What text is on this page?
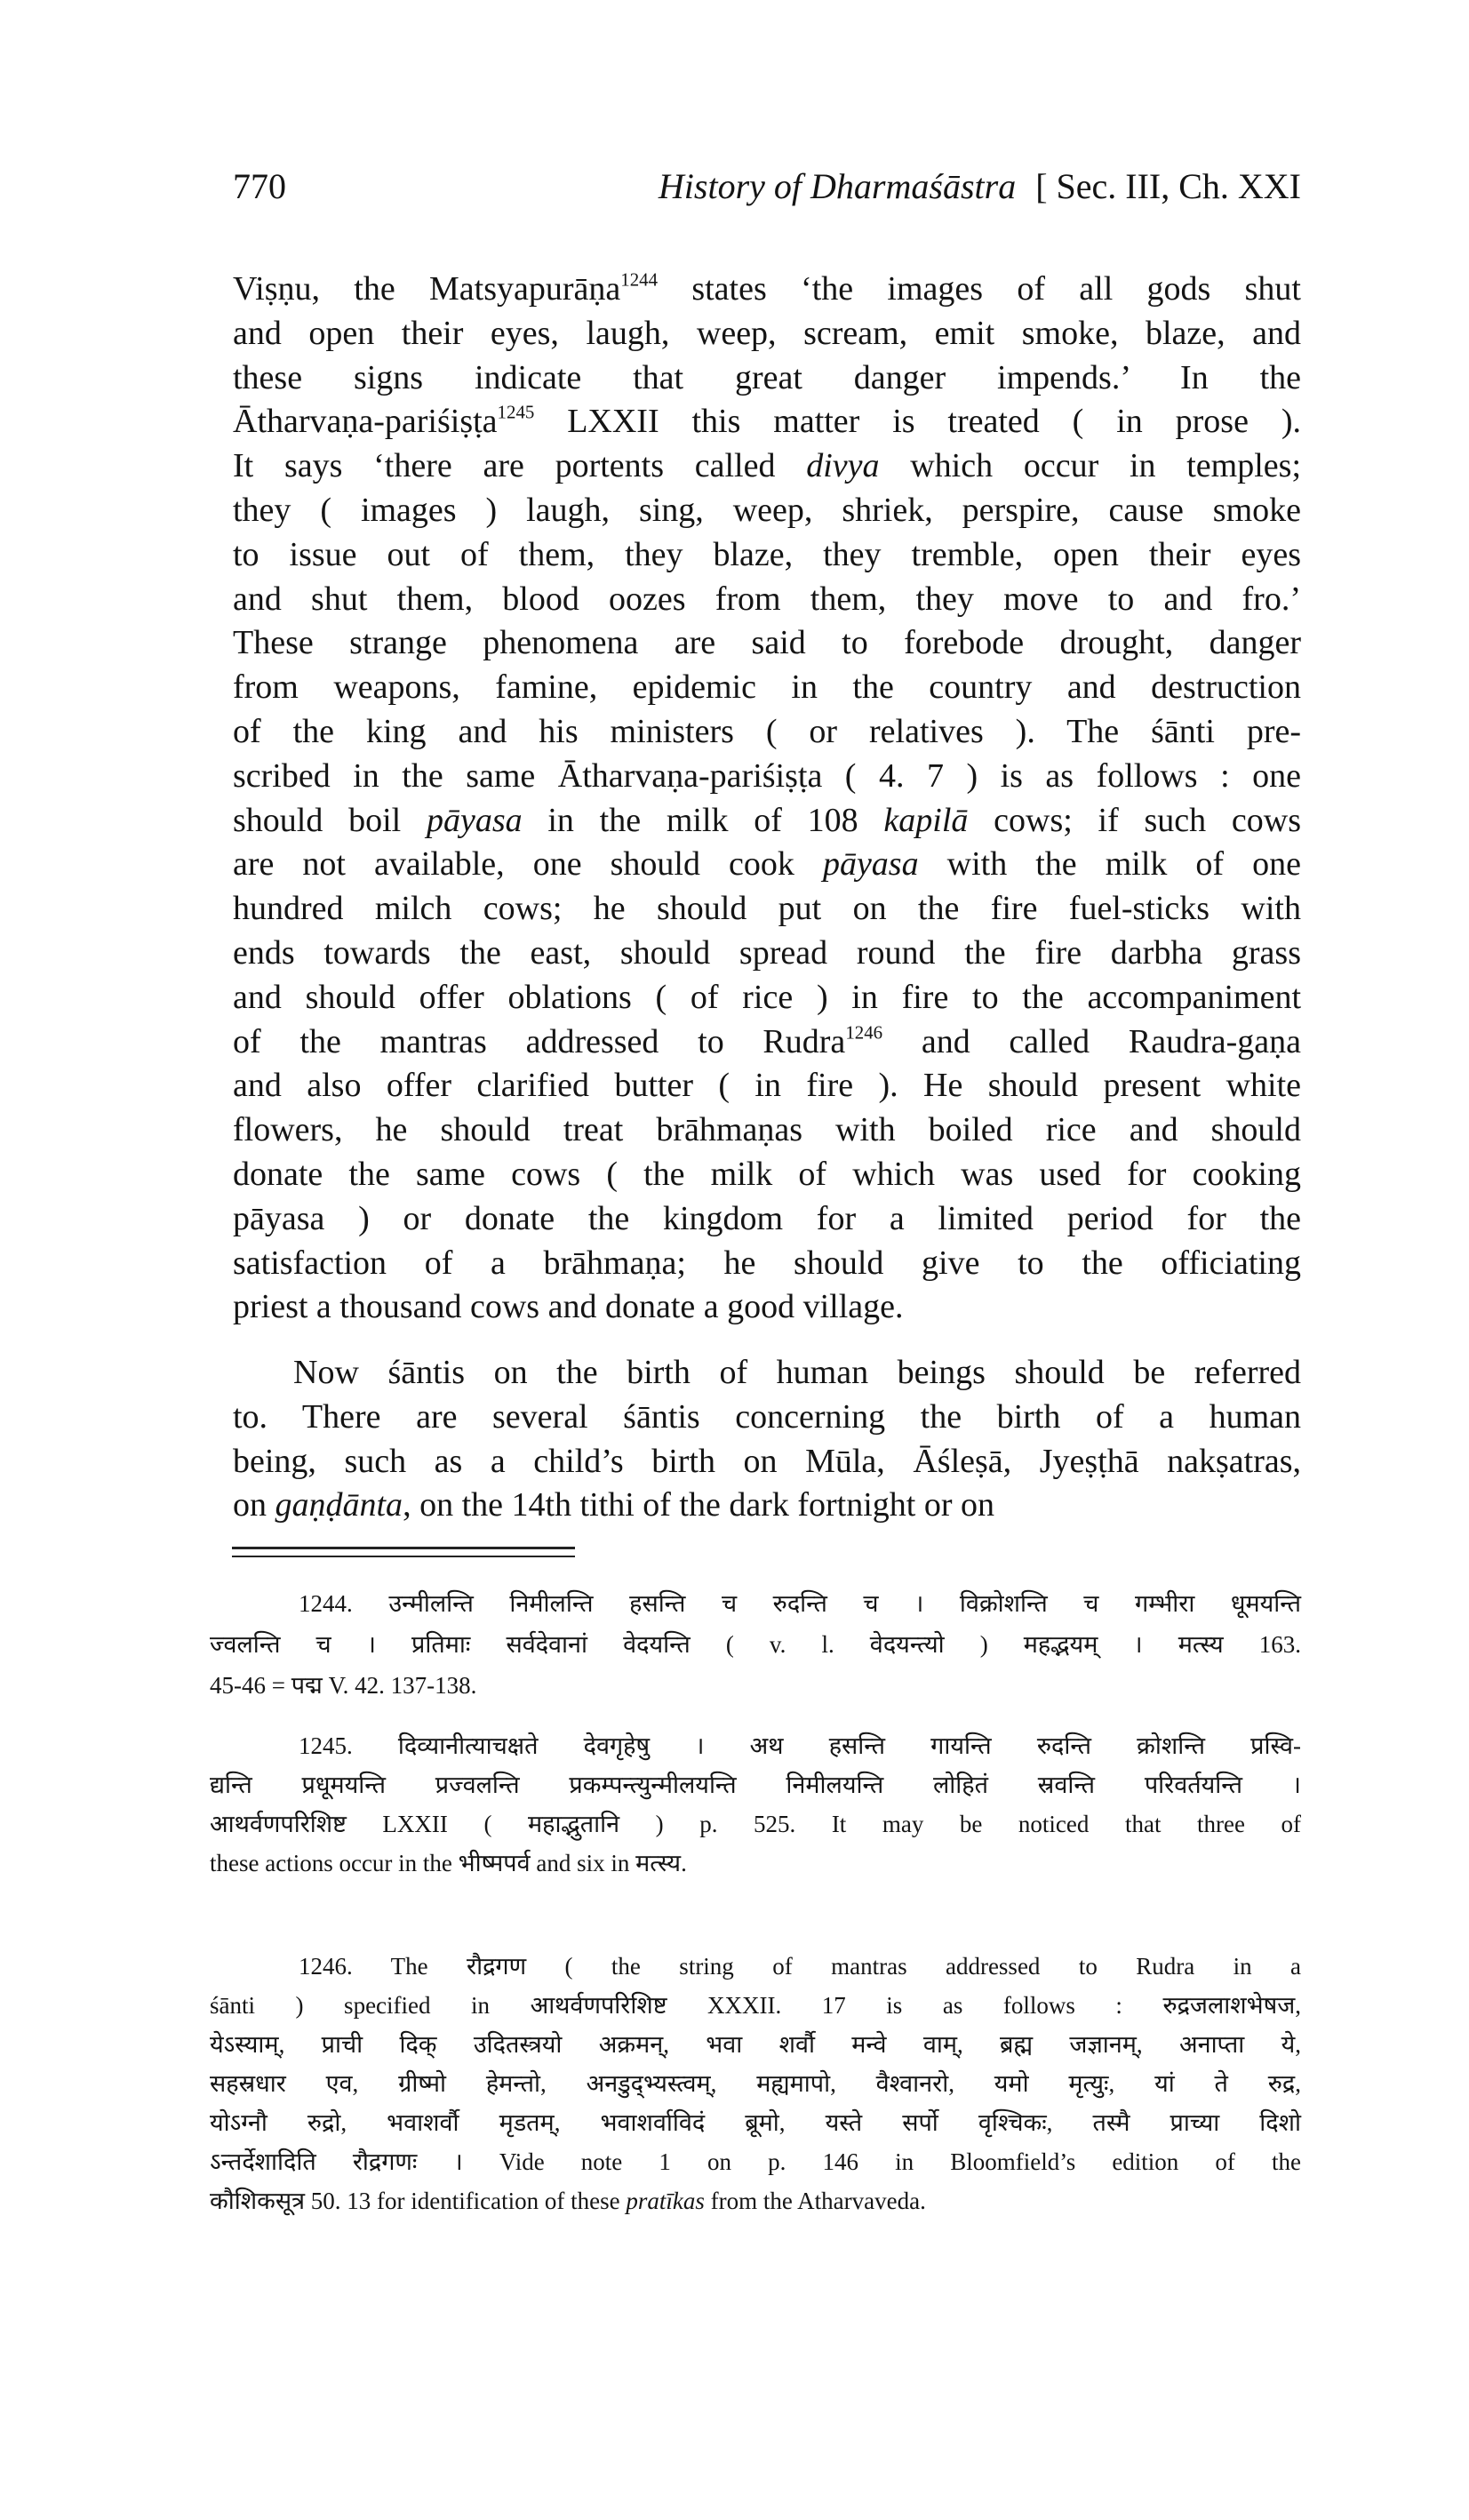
770	History of Dharmaśāstra [ Sec. III, Ch. XXI
Viṣṇu, the Matsyapurāṇa$^{1244}$ states ‘the images of all gods shut
and open their eyes, laugh, weep, scream, emit smoke, blaze, and
these signs indicate that great danger impends.’ In the
Ātharvaṇa-pariśiṣṭa$^{1245}$ LXXII this matter is treated ( in prose ).
It says ‘there are portents called divya which occur in temples;
they ( images ) laugh, sing, weep, shriek, perspire, cause smoke
to issue out of them, they blaze, they tremble, open their eyes
and shut them, blood oozes from them, they move to and fro.’
These strange phenomena are said to forebode drought, danger
from weapons, famine, epidemic in the country and destruction
of the king and his ministers ( or relatives ). The śānti pre-
scribed in the same Ātharvaṇa-pariśiṣṭa ( 4. 7 ) is as follows : one
should boil pāyasa in the milk of 108 kapilā cows; if such cows
are not available, one should cook pāyasa with the milk of one
hundred milch cows; he should put on the fire fuel-sticks with
ends towards the east, should spread round the fire darbha grass
and should offer oblations ( of rice ) in fire to the accompaniment
of the mantras addressed to Rudra$^{1246}$ and called Raudra-gaṇa
and also offer clarified butter ( in fire ). He should present white
flowers, he should treat brāhmaṇas with boiled rice and should
donate the same cows ( the milk of which was used for cooking
pāyasa ) or donate the kingdom for a limited period for the
satisfaction of a brāhmaṇa; he should give to the officiating
priest a thousand cows and donate a good village.
Now śāntis on the birth of human beings should be referred
to. There are several śāntis concerning the birth of a human
being, such as a child’s birth on Mūla, Āśleṣā, Jyeṣṭhā nakṣatras,
on gaṇḍānta, on the 14th tithi of the dark fortnight or on
1244. उन्मीलन्ति निमीलन्ति हसन्ति च रुदन्ति च । विक्रोशन्ति च गम्भीरा धूमयन्ति
ज्वलन्ति च । प्रतिमाः सर्वदेवानां वेदयन्ति ( v. l. वेदयन्त्यो ) महद्भयम् । मत्स्य 163.
45-46 = पद्म V. 42. 137-138.
1245. दिव्यानीत्याचक्षते देवगृहेषु । अथ हसन्ति गायन्ति रुदन्ति क्रोशन्ति प्रस्वि-
द्यन्ति प्रधूमयन्ति प्रज्वलन्ति प्रकम्पन्त्युन्मीलयन्ति निमीलयन्ति लोहितं स्रवन्ति परिवर्तयन्ति ।
आथर्वणपरिशिष्ट LXXII ( महाद्भुतानि ) p. 525. It may be noticed that three of
these actions occur in the भीष्मपर्व and six in मत्स्य.
1246. The रौद्रगण ( the string of mantras addressed to Rudra in a
śānti ) specified in आथर्वणपरिशिष्ट XXXII. 17 is as follows : रुद्रजलाशभेषज,
येऽस्याम्, प्राची दिक् उदितस्त्रयो अक्रमन्, भवा शर्वौ मन्वे वाम्, ब्रह्म जज्ञानम्, अनाप्ता ये,
सहस्रधार एव, ग्रीष्मो हेमन्तो, अनडुद्भ्यस्त्वम्, मह्यमापो, वैश्वानरो, यमो मृत्युः, यां ते रुद्र,
योऽग्नौ रुद्रो, भवाशर्वौ मृडतम्, भवाशर्वाविदं ब्रूमो, यस्ते सर्पो वृश्चिकः, तस्मै प्राच्या दिशो
ऽन्तर्देशादिति रौद्रगणः । Vide note 1 on p. 146 in Bloomfield’s edition of the
कौशिकसूत्र 50. 13 for identification of these pratīkas from the Atharvaveda.
